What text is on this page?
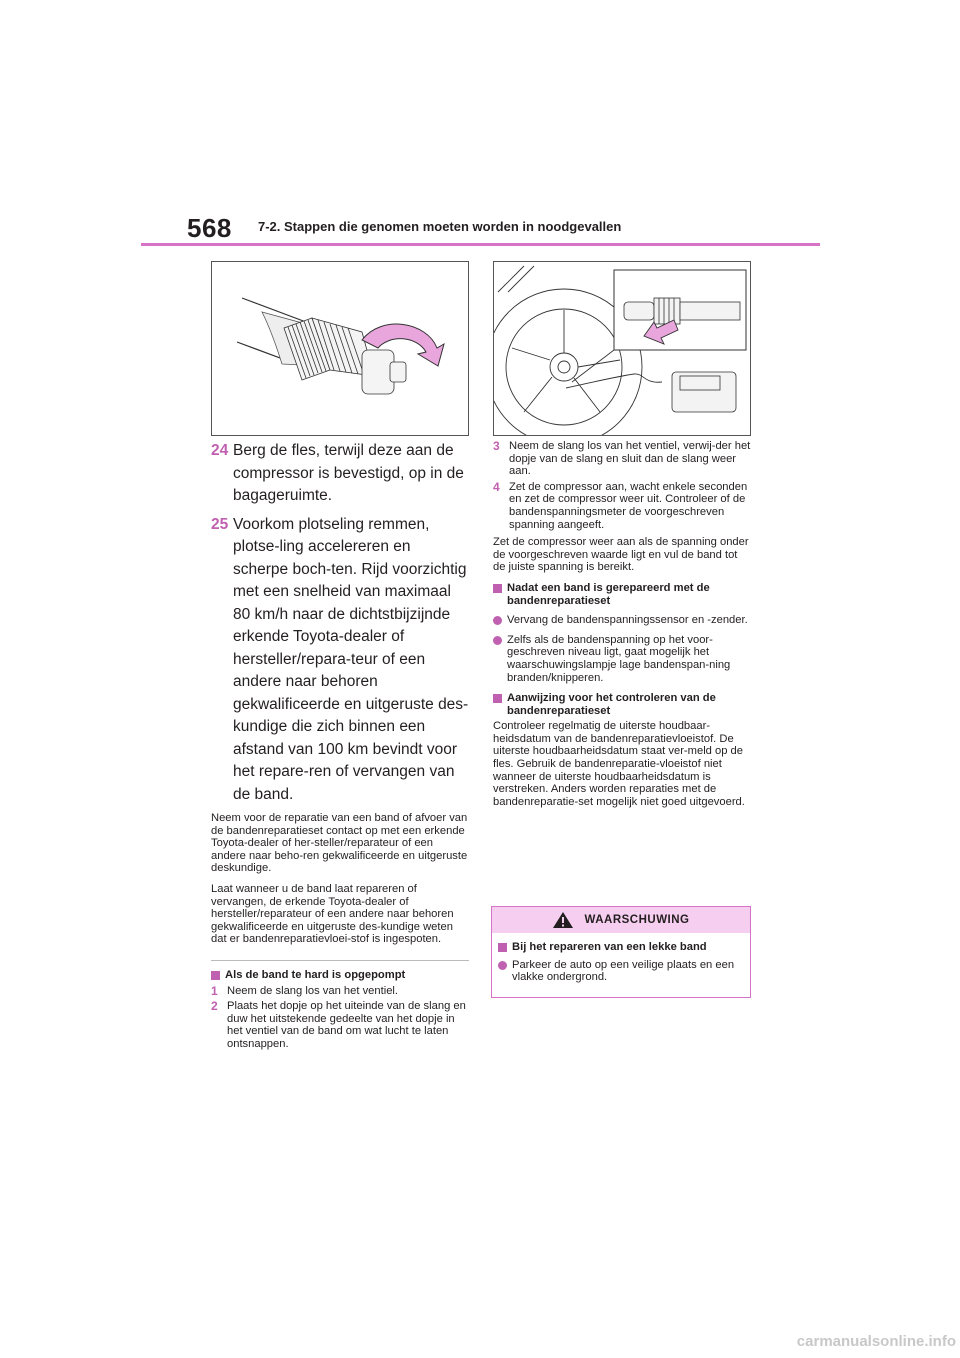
568 7-2. Stappen die genomen moeten worden in noodgevallen
24 Berg de fles, terwijl deze aan de compressor is bevestigd, op in de bagageruimte.
25 Voorkom plotseling remmen, plotse-ling accelereren en scherpe boch-ten. Rijd voorzichtig met een snelheid van maximaal 80 km/h naar de dichtstbijzijnde erkende Toyota-dealer of hersteller/repara-teur of een andere naar behoren gekwalificeerde en uitgeruste des-kundige die zich binnen een afstand van 100 km bevindt voor het repare-ren of vervangen van de band.

Neem voor de reparatie van een band of afvoer van de bandenreparatieset contact op met een erkende Toyota-dealer of her-steller/reparateur of een andere naar beho-ren gekwalificeerde en uitgeruste deskundige.

Laat wanneer u de band laat repareren of vervangen, de erkende Toyota-dealer of hersteller/reparateur of een andere naar behoren gekwalificeerde en uitgeruste des-kundige weten dat er bandenreparatievloei-stof is ingespoten.

Als de band te hard is opgepompt
1 Neem de slang los van het ventiel.
2 Plaats het dopje op het uiteinde van de slang en duw het uitstekende gedeelte van het dopje in het ventiel van de band om wat lucht te laten ontsnappen.
3 Neem de slang los van het ventiel, verwij-der het dopje van de slang en sluit dan de slang weer aan.
4 Zet de compressor aan, wacht enkele seconden en zet de compressor weer uit. Controleer of de bandenspanningsmeter de voorgeschreven spanning aangeeft.

Zet de compressor weer aan als de spanning onder de voorgeschreven waarde ligt en vul de band tot de juiste spanning is bereikt.

Nadat een band is gerepareerd met de bandenreparatieset
Vervang de bandenspanningssensor en -zender.
Zelfs als de bandenspanning op het voor-geschreven niveau ligt, gaat mogelijk het waarschuwingslampje lage bandenspan-ning branden/knipperen.
Aanwijzing voor het controleren van de bandenreparatieset

Controleer regelmatig de uiterste houdbaar-heidsdatum van de bandenreparatievloeistof. De uiterste houdbaarheidsdatum staat ver-meld op de fles. Gebruik de bandenreparatie-vloeistof niet wanneer de uiterste houdbaarheidsdatum is verstreken. Anders worden reparaties met de bandenreparatie-set mogelijk niet goed uitgevoerd.

WAARSCHUWING
Bij het repareren van een lekke band
Parkeer de auto op een veilige plaats en een vlakke ondergrond.
carmanualsonline.info
